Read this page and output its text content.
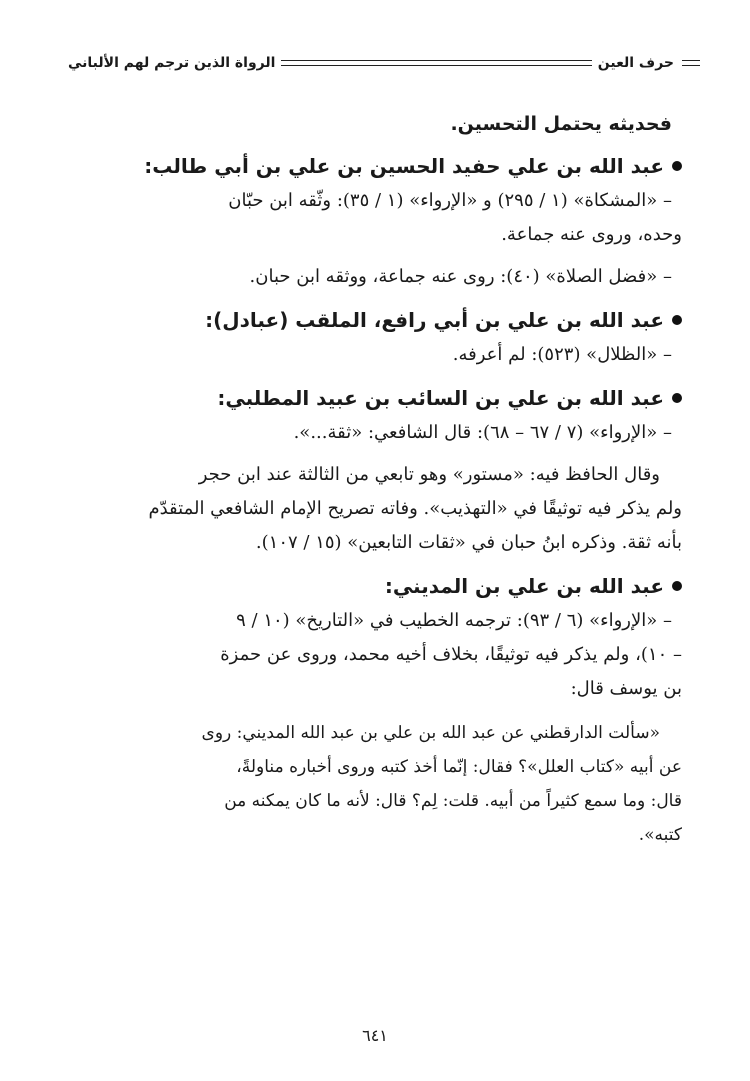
حرف العين
الرواة الذين ترجم لهم الألباني
فحديثه يحتمل التحسين.
عبد الله بن علي حفيد الحسين بن علي بن أبي طالب:
– «المشكاة» (١ / ٢٩٥) و «الإرواء» (١ / ٣٥): وثّقه ابن حبّان
وحده، وروى عنه جماعة.
– «فضل الصلاة» (٤٠): روى عنه جماعة، ووثقه ابن حبان.
عبد الله بن علي بن أبي رافع، الملقب (عبادل):
– «الظلال» (٥٢٣): لم أعرفه.
عبد الله بن علي بن السائب بن عبيد المطلبي:
– «الإرواء» (٧ / ٦٧ – ٦٨): قال الشافعي: «ثقة...».
وقال الحافظ فيه: «مستور» وهو تابعي من الثالثة عند ابن حجر
ولم يذكر فيه توثيقًا في «التهذيب». وفاته تصريح الإمام الشافعي المتقدّم
بأنه ثقة. وذكره ابنُ حبان في «ثقات التابعين» (١٥ / ١٠٧).
عبد الله بن علي بن المديني:
– «الإرواء» (٦ / ٩٣): ترجمه الخطيب في «التاريخ» (١٠ / ٩
– ١٠)، ولم يذكر فيه توثيقًا، بخلاف أخيه محمد، وروى عن حمزة
بن يوسف قال:
«سألت الدارقطني عن عبد الله بن علي بن عبد الله المديني: روى
عن أبيه «كتاب العلل»؟ فقال: إنّما أخذ كتبه وروى أخباره مناولةً،
قال: وما سمع كثيراً من أبيه. قلت: لِم؟ قال: لأنه ما كان يمكنه من
كتبه».
٦٤١
